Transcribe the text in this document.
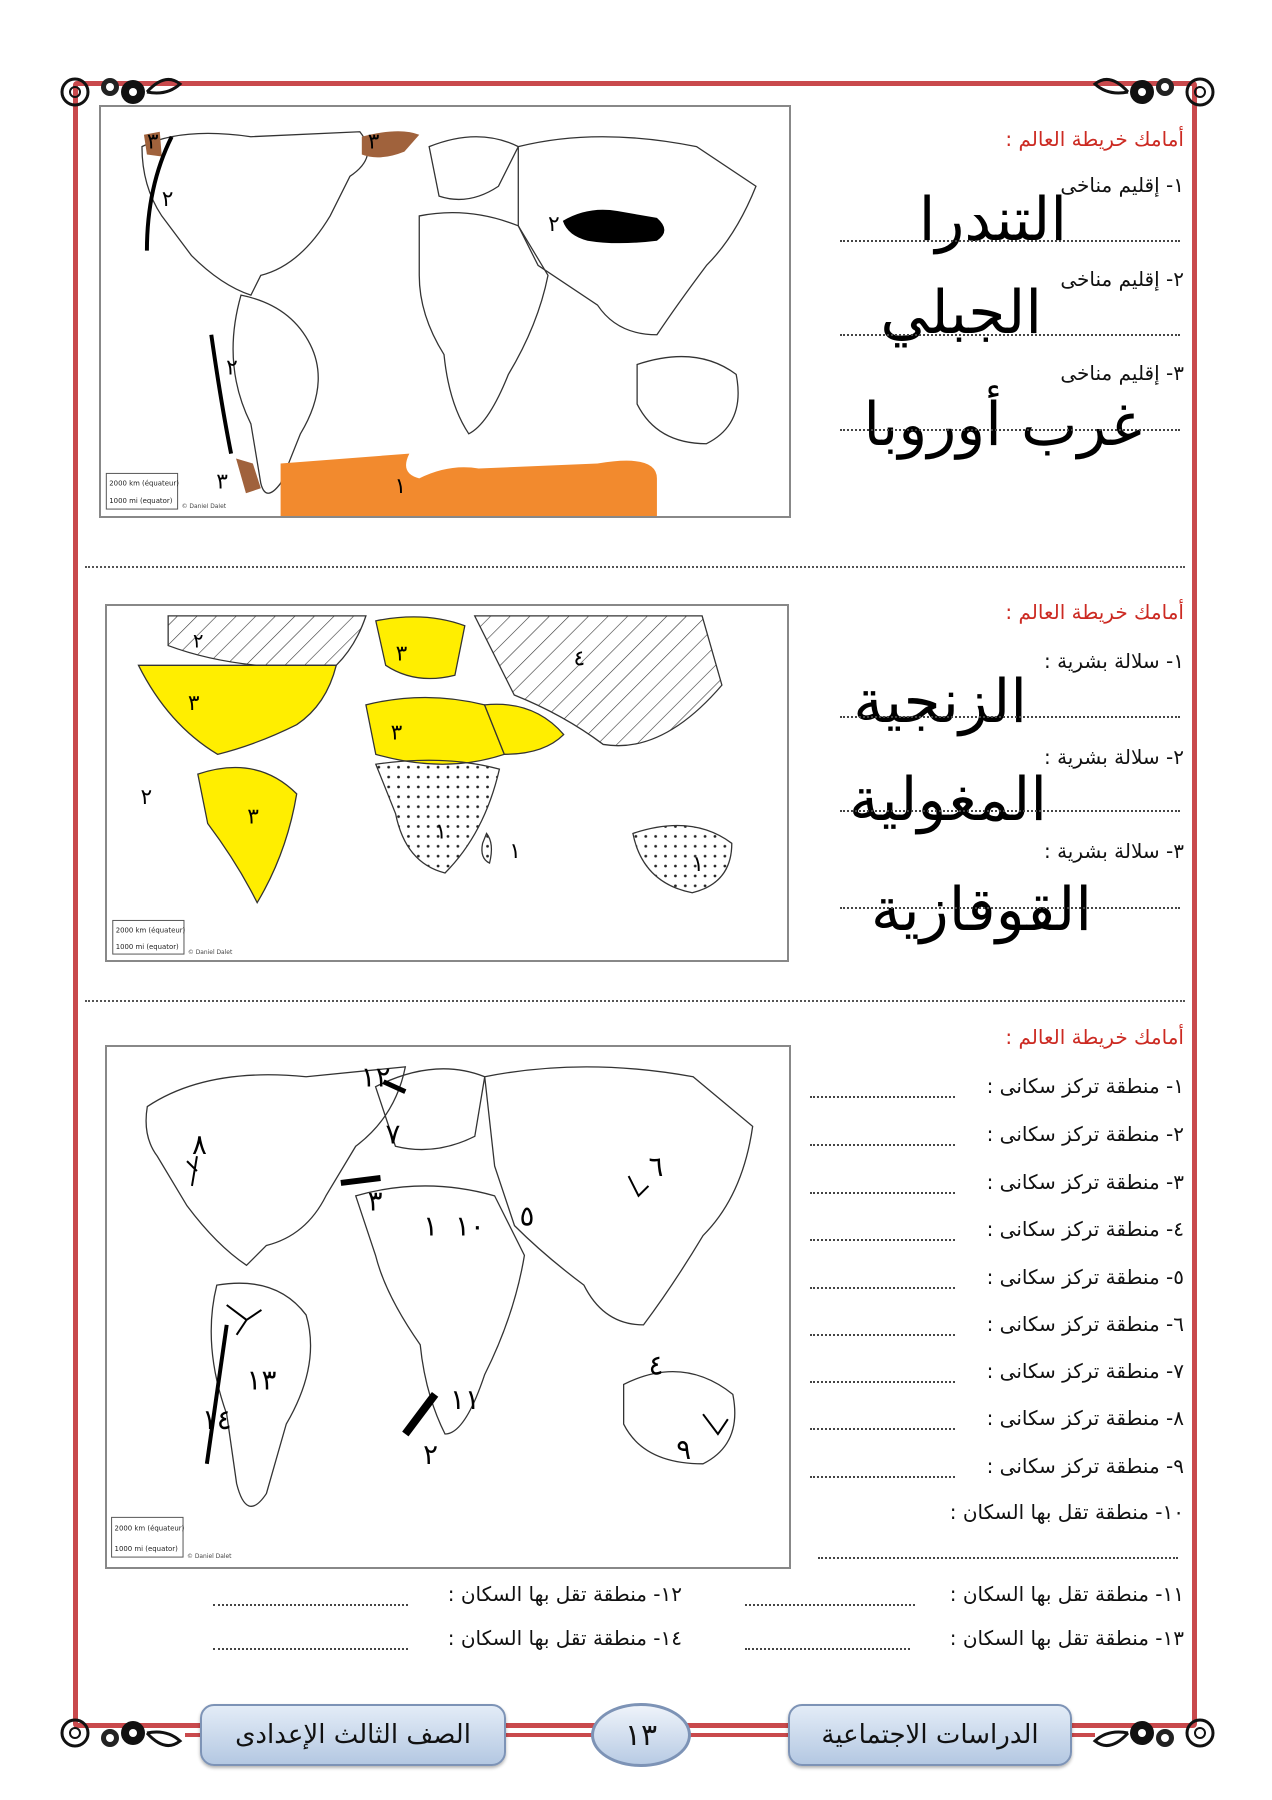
٣
٢
٣
٢
٢
٣	١
2000 km (équateur)
1000 mi (equator)
© Daniel Dalet
أمامك خريطة العالم :
١- إقليم مناخى
التندرا
٢- إقليم مناخى
الجبلي
٣- إقليم مناخى
غرب أوروبا
٢
٣
٣
٣
٤
٣
٢
١
١
١
2000 km (équateur)
1000 mi (equator)
© Daniel Dalet
أمامك خريطة العالم :
١- سلالة بشرية :
الزنجية
٢- سلالة بشرية :
المغولية
٣- سلالة بشرية :
القوقازية
١٢
٧
٨
٣
٦
١ ١٠ ٥
١٣
١٤
١١
٢
٤
٩
2000 km (équateur)
1000 mi (equator)
© Daniel Dalet
أمامك خريطة العالم :
١- منطقة تركز سكانى :
٢- منطقة تركز سكانى :
٣- منطقة تركز سكانى :
٤- منطقة تركز سكانى :
٥- منطقة تركز سكانى :
٦- منطقة تركز سكانى :
٧- منطقة تركز سكانى :
٨- منطقة تركز سكانى :
٩- منطقة تركز سكانى :
١٠- منطقة تقل بها السكان :
١١- منطقة تقل بها السكان :
١٢- منطقة تقل بها السكان :
١٣- منطقة تقل بها السكان :
١٤- منطقة تقل بها السكان :
الصف الثالث الإعدادى	١٣	الدراسات الاجتماعية
